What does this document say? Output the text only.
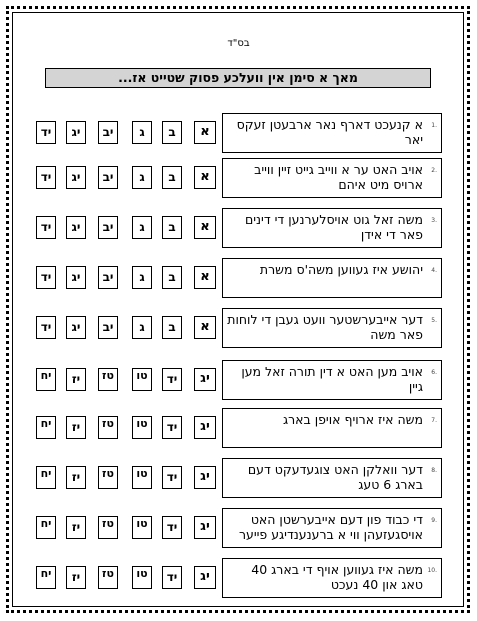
בס"ד
מאך א סימן אין וועלכע פסוק שטייט אז...
א קנעכט דארף נאר ארבעטן זעקס יאר
1.
א
ב
ג
יב
יג
יד
אויב האט ער א ווייב גייט זיין ווייב ארויס מיט איהם
2.
א
ב
ג
יב
יג
יד
משה זאל גוט אויסלערנען די דינים פאר די אידן
3.
א
ב
ג
יב
יג
יד
יהושע איז געווען משה'ס משרת 4.
א
ב
ג
יב
יג
יד
דער אייבערשטער וועט געבן די לוחות פאר משה
5.
א
ב
ג
יב
יג
יד
אויב מען האט א דין תורה זאל מען גיין
6.
יג
יד
טו
טז
יז
יח
משה איז ארויף אויפן בארג 7.
יג
יד
טו
טז
יז
יח
דער וואלקן האט צוגעדעקט דעם בארג 6 טעג
8.
יג
יד
טו
טז
יז
יח
די כבוד פון דעם אייבערשטן האט אויסגעזעהן ווי א ברענענדיגע פייער
9.
יג
יד
טו
טז
יז
יח
משה איז געווען אויף די בארג 40 טאג און 40 נעכט
10.
יג
יד
טו
טז
יז
יח
